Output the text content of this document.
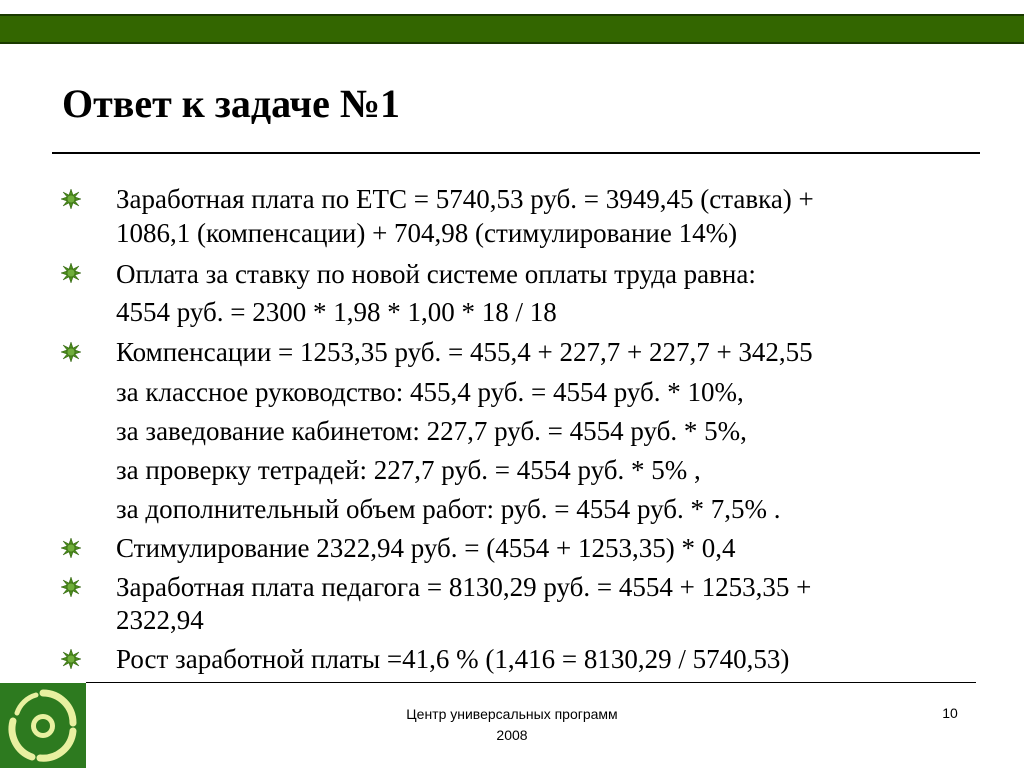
Ответ к задаче №1
Заработная плата по ЕТС = 5740,53 руб. = 3949,45 (ставка) +
1086,1 (компенсации) + 704,98 (стимулирование 14%)
Оплата за ставку по новой системе оплаты труда равна:
4554 руб. = 2300 * 1,98 * 1,00 * 18 / 18
Компенсации = 1253,35 руб. = 455,4 + 227,7 + 227,7 + 342,55
за классное руководство: 455,4 руб. = 4554 руб. * 10%,
за заведование кабинетом: 227,7 руб. = 4554 руб. * 5%,
за проверку тетрадей: 227,7 руб. = 4554 руб. * 5% ,
за дополнительный объем работ: руб. = 4554 руб. * 7,5% .
Стимулирование 2322,94 руб. = (4554 + 1253,35) * 0,4
Заработная плата педагога = 8130,29 руб. = 4554 + 1253,35 +
2322,94
Рост заработной платы =41,6 % (1,416 = 8130,29 / 5740,53)
Центр универсальных программ
2008
10
